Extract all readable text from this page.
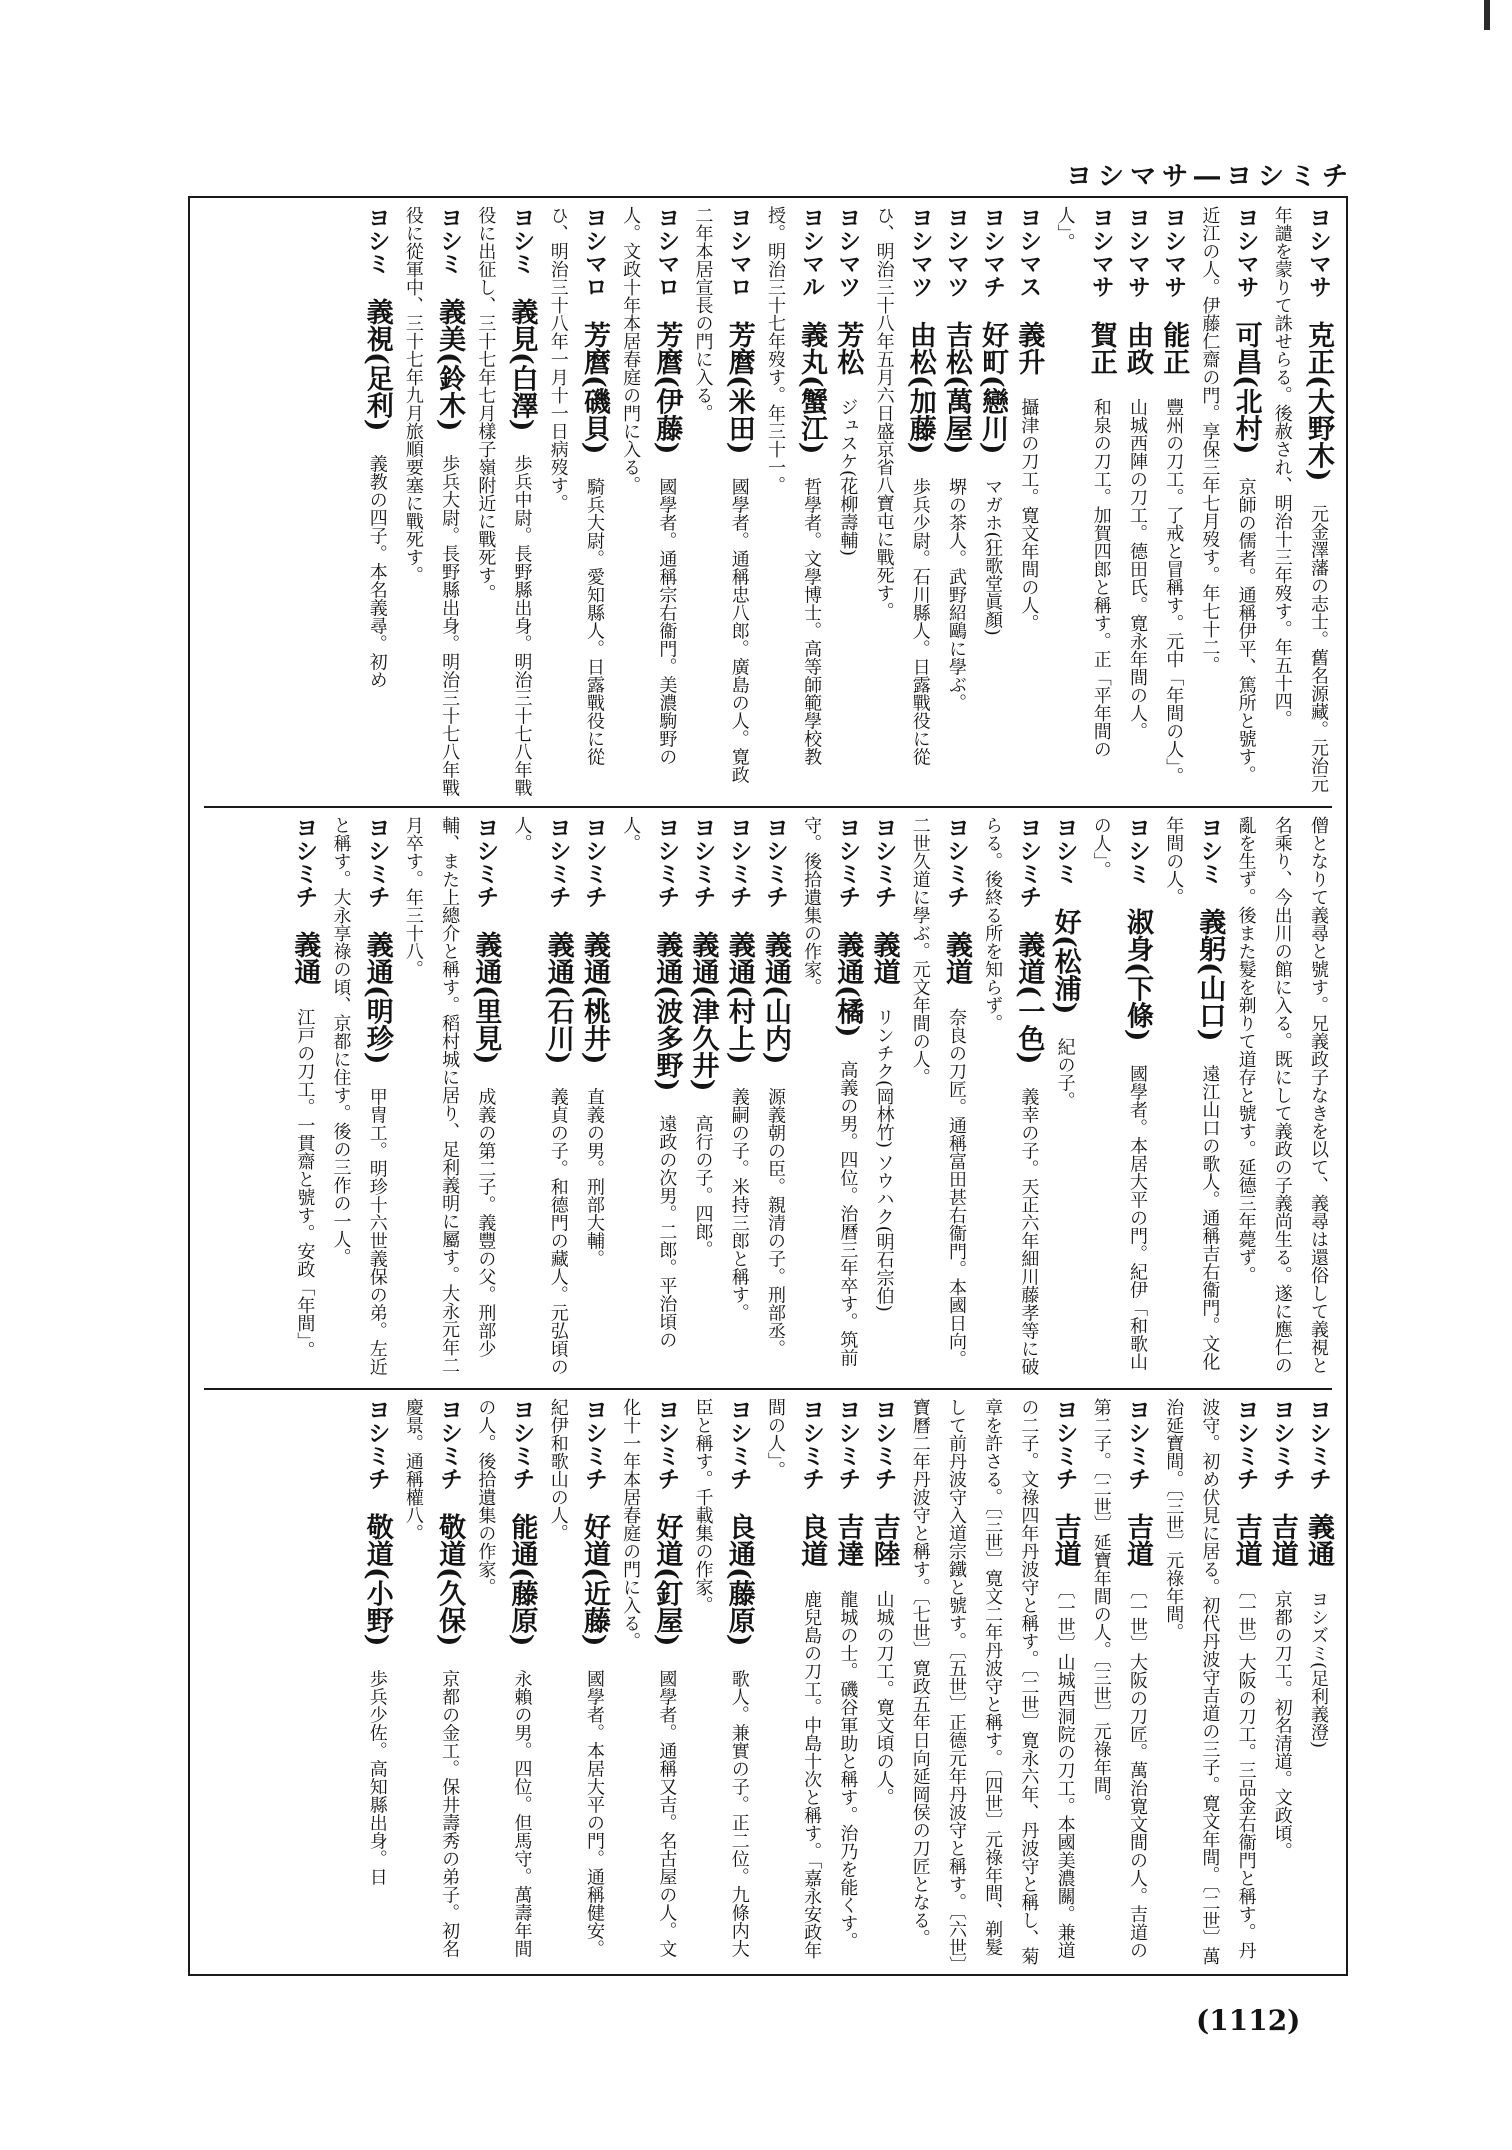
ヨシマサ―ヨシミチ
ヨシマサ　克正(大野木)　元金澤藩の志士。舊名源藏。元治元年譴を蒙りて誅せらる。後赦され、明治十三年歿す。年五十四。
ヨシマサ　可昌(北村)　京師の儒者。通稱伊平、篤所と號す。近江の人。伊藤仁齋の門。享保三年七月歿す。年七十二。
ヨシマサ　能正　豐州の刀工。了戒と冒稱す。元中「年間の人」。
ヨシマサ　由政　山城西陣の刀工。德田氏。寛永年間の人。
ヨシマサ　賀正　和泉の刀工。加賀四郎と稱す。正「平年間の人」。
ヨシマス　義升　攝津の刀工。寛文年間の人。
ヨシマチ　好町(戀川)　マガホ(狂歌堂眞顏)
ヨシマツ　吉松(萬屋)　堺の茶人。武野紹鷗に學ぶ。
ヨシマツ　由松(加藤)　歩兵少尉。石川縣人。日露戰役に從ひ、明治三十八年五月六日盛京省八寶屯に戰死す。
ヨシマツ　芳松　ジュスケ(花柳壽輔)
ヨシマル　義丸(蟹江)　哲學者。文學博士。高等師範學校教授。明治三十七年歿す。年三十一。
ヨシマロ　芳麿(米田)　國學者。通稱忠八郎。廣島の人。寛政二年本居宣長の門に入る。
ヨシマロ　芳麿(伊藤)　國學者。通稱宗右衞門。美濃駒野の人。文政十年本居春庭の門に入る。
ヨシマロ　芳麿(磯貝)　騎兵大尉。愛知縣人。日露戰役に從ひ、明治三十八年一月十一日病歿す。
ヨシミ　義見(白澤)　歩兵中尉。長野縣出身。明治三十七八年戰役に出征し、三十七年七月樣子嶺附近に戰死す。
ヨシミ　義美(鈴木)　歩兵大尉。長野縣出身。明治三十七八年戰役に從軍中、三十七年九月旅順要塞に戰死す。
ヨシミ　義視(足利)　義教の四子。本名義尋。初め
僧となりて義尋と號す。兄義政子なきを以て、義尋は還俗して義視と名乘り、今出川の館に入る。既にして義政の子義尚生る。遂に應仁の亂を生ず。後また髮を剃りて道存と號す。延德三年薨ず。
ヨシミ　義躬(山口)　遠江山口の歌人。通稱吉右衞門。文化年間の人。
ヨシミ　淑身(下條)　國學者。本居大平の門。紀伊「和歌山の人」。
ヨシミ　好(松浦)　紀の子。
ヨシミチ　義道(一色)　義幸の子。天正六年細川藤孝等に破らる。後終る所を知らず。
ヨシミチ　義道　奈良の刀匠。通稱富田甚右衞門。本國日向。二世久道に學ぶ。元文年間の人。
ヨシミチ　義道　リンチク(岡林竹) ソウハク(明石宗伯)
ヨシミチ　義通(橘)　高義の男。四位。治曆三年卒す。筑前守。後拾遺集の作家。
ヨシミチ　義通(山内)　源義朝の臣。親清の子。刑部丞。
ヨシミチ　義通(村上)　義嗣の子。米持三郎と稱す。
ヨシミチ　義通(津久井)　高行の子。四郎。
ヨシミチ　義通(波多野)　遠政の次男。二郎。平治頃の人。
ヨシミチ　義通(桃井)　直義の男。刑部大輔。
ヨシミチ　義通(石川)　義貞の子。和德門の藏人。元弘頃の人。
ヨシミチ　義通(里見)　成義の第二子。義豐の父。刑部少輔、また上總介と稱す。稻村城に居り、足利義明に屬す。大永元年二月卒す。年三十八。
ヨシミチ　義通(明珍)　甲冑工。明珍十六世義保の弟。左近と稱す。大永享祿の頃、京都に住す。後の三作の一人。
ヨシミチ　義通　江戸の刀工。一貫齋と號す。安政「年間」。
ヨシミチ　義通　ヨシズミ(足利義澄)
ヨシミチ　吉道　京都の刀工。初名清道。文政頃。
ヨシミチ　吉道　〔一世〕大阪の刀工。三品金右衞門と稱す。丹波守。初め伏見に居る。初代丹波守吉道の三子。寛文年間。〔二世〕萬治延寶間。〔三世〕元祿年間。
ヨシミチ　吉道　〔一世〕大阪の刀匠。萬治寛文間の人。吉道の第二子。〔二世〕延寶年間の人。〔三世〕元祿年間。
ヨシミチ　吉道　〔一世〕山城西洞院の刀工。本國美濃關。兼道の二子。文祿四年丹波守と稱す。〔二世〕寛永六年、丹波守と稱し、菊章を許さる。〔三世〕寛文二年丹波守と稱す。〔四世〕元祿年間、剃髮して前丹波守入道宗鐵と號す。〔五世〕正德元年丹波守と稱す。〔六世〕寶曆二年丹波守と稱す。〔七世〕寛政五年日向延岡侯の刀匠となる。
ヨシミチ　吉陸　山城の刀工。寛文頃の人。
ヨシミチ　吉達　龍城の士。磯谷軍助と稱す。治乃を能くす。
ヨシミチ　良道　鹿兒島の刀工。中島十次と稱す。「嘉永安政年間の人」。
ヨシミチ　良通(藤原)　歌人。兼實の子。正二位。九條内大臣と稱す。千載集の作家。
ヨシミチ　好道(釘屋)　國學者。通稱又吉。名古屋の人。文化十一年本居春庭の門に入る。
ヨシミチ　好道(近藤)　國學者。本居大平の門。通稱健安。紀伊和歌山の人。
ヨシミチ　能通(藤原)　永賴の男。四位。但馬守。萬壽年間の人。後拾遺集の作家。
ヨシミチ　敬道(久保)　京都の金工。保井壽秀の弟子。初名慶景。通稱權八。
ヨシミチ　敬道(小野)　歩兵少佐。高知縣出身。日
(1112)
